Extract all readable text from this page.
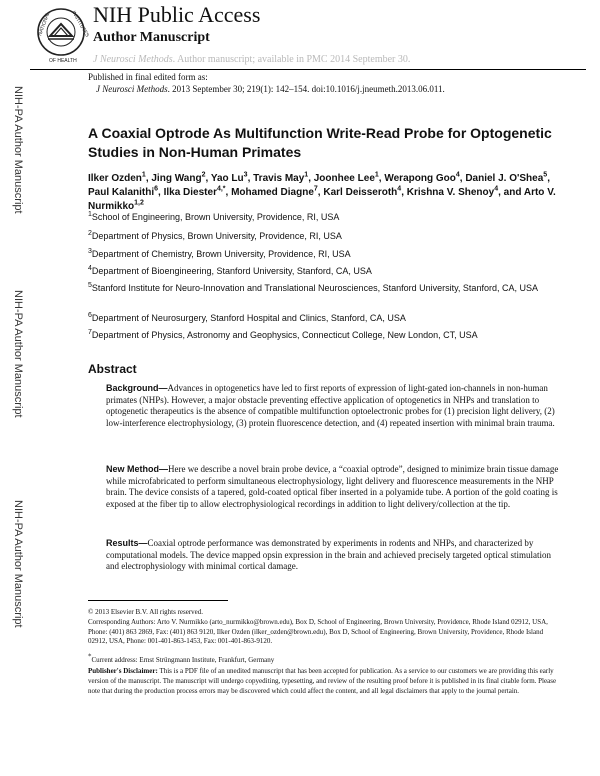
NATIONAL	INSTITUTES
OF HEALTH
NIH Public Access
Author Manuscript
J Neurosci Methods. Author manuscript; available in PMC 2014 September 30.
NIH-PA Author Manuscript
NIH-PA Author Manuscript
NIH-PA Author Manuscript
Published in final edited form as:
J Neurosci Methods. 2013 September 30; 219(1): 142–154. doi:10.1016/j.jneumeth.2013.06.011.
A Coaxial Optrode As Multifunction Write-Read Probe for Optogenetic Studies in Non-Human Primates
Ilker Ozden$^1$, Jing Wang$^2$, Yao Lu$^3$, Travis May$^1$, Joonhee Lee$^1$, Werapong Goo$^4$, Daniel J. O'Shea$^5$, Paul Kalanithi$^6$, Ilka Diester$^{4,*}$, Mohamed Diagne$^7$, Karl Deisseroth$^4$, Krishna V. Shenoy$^4$, and Arto V. Nurmikko$^{1,2}$
$^1$School of Engineering, Brown University, Providence, RI, USA
$^2$Department of Physics, Brown University, Providence, RI, USA
$^3$Department of Chemistry, Brown University, Providence, RI, USA
$^4$Department of Bioengineering, Stanford University, Stanford, CA, USA
$^5$Stanford Institute for Neuro-Innovation and Translational Neurosciences, Stanford University, Stanford, CA, USA
$^6$Department of Neurosurgery, Stanford Hospital and Clinics, Stanford, CA, USA
$^7$Department of Physics, Astronomy and Geophysics, Connecticut College, New London, CT, USA
Abstract
Background—Advances in optogenetics have led to first reports of expression of light-gated ion-channels in non-human primates (NHPs). However, a major obstacle preventing effective application of optogenetics in NHPs and translation to optogenetic therapeutics is the absence of compatible multifunction optoelectronic probes for (1) precision light delivery, (2) low-interference electrophysiology, (3) protein fluorescence detection, and (4) repeated insertion with minimal brain trauma.
New Method—Here we describe a novel brain probe device, a “coaxial optrode”, designed to minimize brain tissue damage while microfabricated to perform simultaneous electrophysiology, light delivery and fluorescence measurements in the NHP brain. The device consists of a tapered, gold-coated optical fiber inserted in a polyamide tube. A portion of the gold coating is exposed at the fiber tip to allow electrophysiological recordings in addition to light delivery/collection at the tip.
Results—Coaxial optrode performance was demonstrated by experiments in rodents and NHPs, and characterized by computational models. The device mapped opsin expression in the brain and achieved precisely targeted optical stimulation and electrophysiology with minimal cortical damage.
© 2013 Elsevier B.V. All rights reserved.
Corresponding Authors: Arto V. Nurmikko (arto_nurmikko@brown.edu), Box D, School of Engineering, Brown University, Providence, Rhode Island 02912, USA, Phone: (401) 863 2869, Fax: (401) 863 9120, Ilker Ozden (ilker_ozden@brown.edu), Box D, School of Engineering, Brown University, Providence, Rhode Island 02912, USA, Phone: 001-401-863-1453, Fax: 001-401-863-9120.
*Current address: Ernst Strüngmann Institute, Frankfurt, Germany
Publisher's Disclaimer: This is a PDF file of an unedited manuscript that has been accepted for publication. As a service to our customers we are providing this early version of the manuscript. The manuscript will undergo copyediting, typesetting, and review of the resulting proof before it is published in its final citable form. Please note that during the production process errors may be discovered which could affect the content, and all legal disclaimers that apply to the journal pertain.
